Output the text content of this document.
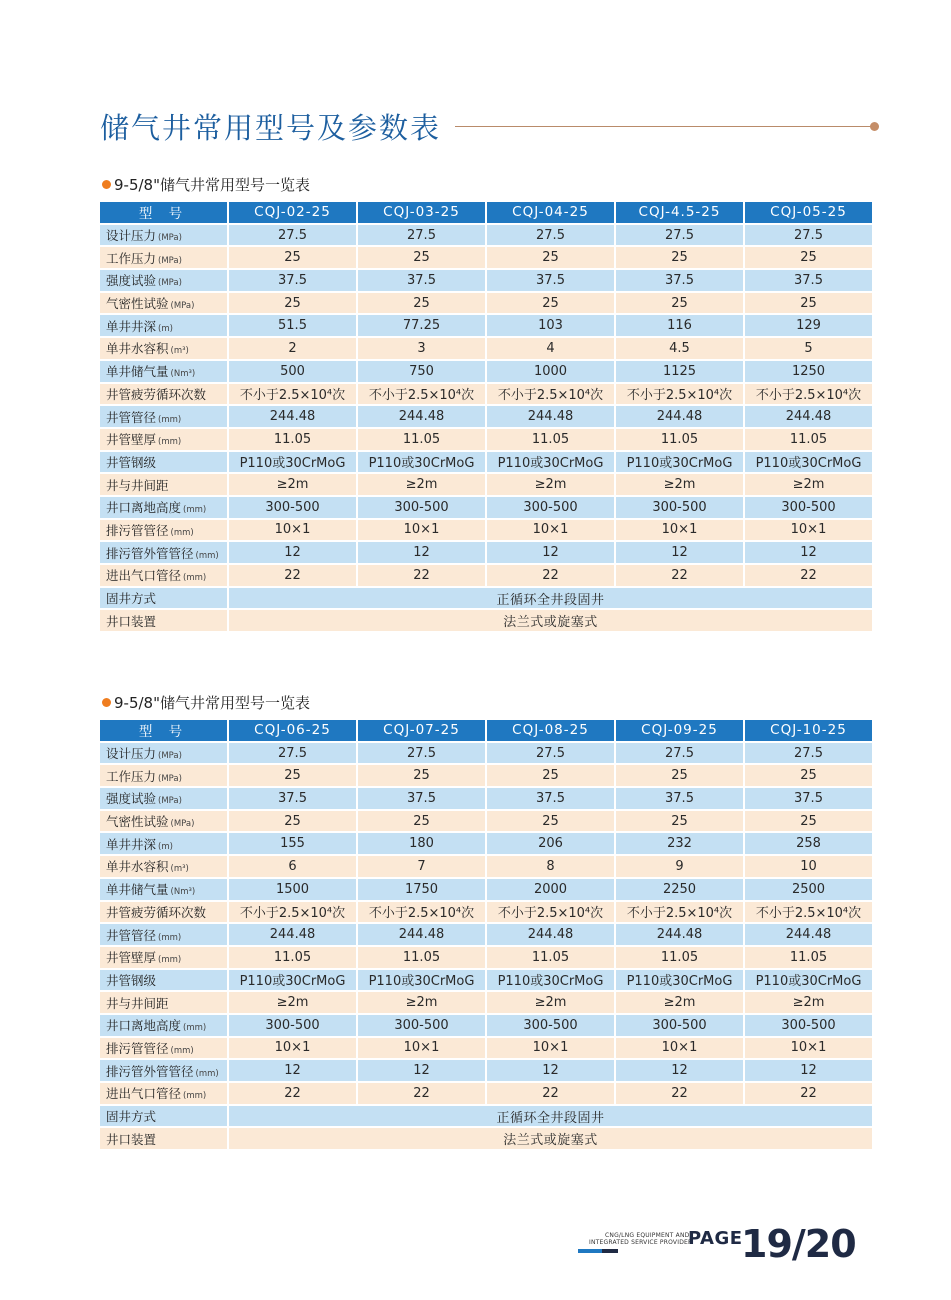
储气井常用型号及参数表
9-5/8"储气井常用型号一览表
型 号	CQJ-02-25	CQJ-03-25	CQJ-04-25	CQJ-4.5-25	CQJ-05-25
设计压力 (MPa)	27.5	27.5	27.5	27.5	27.5
工作压力 (MPa)	25	25	25	25	25
强度试验 (MPa)	37.5	37.5	37.5	37.5	37.5
气密性试验 (MPa)	25	25	25	25	25
单井井深 (m)	51.5	77.25	103	116	129
单井水容积 (m³)	2	3	4	4.5	5
单井储气量 (Nm³)	500	750	1000	1125	1250
井管疲劳循环次数	不小于2.5×10⁴次	不小于2.5×10⁴次	不小于2.5×10⁴次	不小于2.5×10⁴次	不小于2.5×10⁴次
井管管径 (mm)	244.48	244.48	244.48	244.48	244.48
井管壁厚 (mm)	11.05	11.05	11.05	11.05	11.05
井管钢级	P110或30CrMoG	P110或30CrMoG	P110或30CrMoG	P110或30CrMoG	P110或30CrMoG
井与井间距	≥2m	≥2m	≥2m	≥2m	≥2m
井口离地高度 (mm)	300-500	300-500	300-500	300-500	300-500
排污管管径 (mm)	10×1	10×1	10×1	10×1	10×1
排污管外管管径 (mm)	12	12	12	12	12
进出气口管径 (mm)	22	22	22	22	22
固井方式	正循环全井段固井				
井口装置	法兰式或旋塞式				
9-5/8"储气井常用型号一览表
型 号	CQJ-06-25	CQJ-07-25	CQJ-08-25	CQJ-09-25	CQJ-10-25
设计压力 (MPa)	27.5	27.5	27.5	27.5	27.5
工作压力 (MPa)	25	25	25	25	25
强度试验 (MPa)	37.5	37.5	37.5	37.5	37.5
气密性试验 (MPa)	25	25	25	25	25
单井井深 (m)	155	180	206	232	258
单井水容积 (m³)	6	7	8	9	10
单井储气量 (Nm³)	1500	1750	2000	2250	2500
井管疲劳循环次数	不小于2.5×10⁴次	不小于2.5×10⁴次	不小于2.5×10⁴次	不小于2.5×10⁴次	不小于2.5×10⁴次
井管管径 (mm)	244.48	244.48	244.48	244.48	244.48
井管壁厚 (mm)	11.05	11.05	11.05	11.05	11.05
井管钢级	P110或30CrMoG	P110或30CrMoG	P110或30CrMoG	P110或30CrMoG	P110或30CrMoG
井与井间距	≥2m	≥2m	≥2m	≥2m	≥2m
井口离地高度 (mm)	300-500	300-500	300-500	300-500	300-500
排污管管径 (mm)	10×1	10×1	10×1	10×1	10×1
排污管外管管径 (mm)	12	12	12	12	12
进出气口管径 (mm)	22	22	22	22	22
固井方式	正循环全井段固井				
井口装置	法兰式或旋塞式				
CNG/LNG EQUIPMENT AND
INTEGRATED SERVICE PROVIDER
PAGE
19/20
